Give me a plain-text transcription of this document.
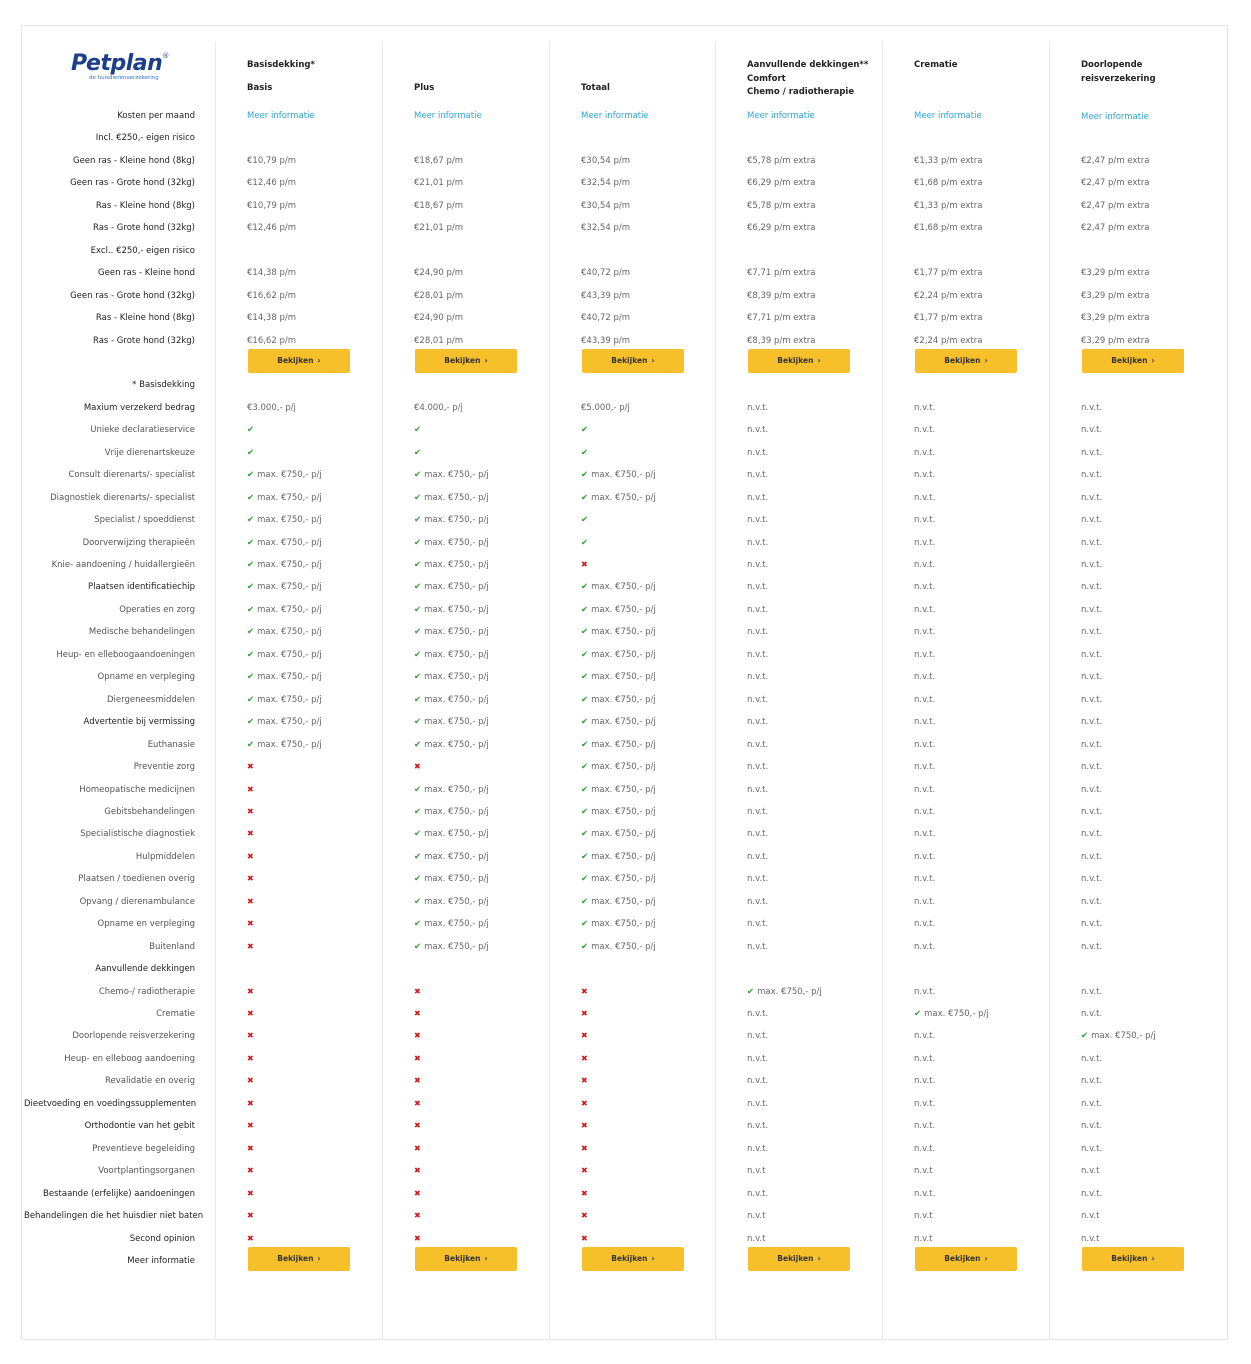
Petplan®
de huisdierenverzekering
Basisdekking*
Basis
Meer informatie
Plus
Meer informatie
Totaal
Meer informatie
Aanvullende dekkingen**
Comfort
Chemo / radiotherapie
Meer informatie
Crematie
Meer informatie
Doorlopende
reisverzekering
Meer informatie
Kosten per maand
Incl. €250,- eigen risico
Geen ras - Kleine hond (8kg)	€10,79 p/m	€18,67 p/m	€30,54 p/m	€5,78 p/m extra	€1,33 p/m extra	€2,47 p/m extra
Geen ras - Grote hond (32kg)	€12,46 p/m	€21,01 p/m	€32,54 p/m	€6,29 p/m extra	€1,68 p/m extra	€2,47 p/m extra
Ras - Kleine hond (8kg)	€10,79 p/m	€18,67 p/m	€30,54 p/m	€5,78 p/m extra	€1,33 p/m extra	€2,47 p/m extra
Ras - Grote hond (32kg)	€12,46 p/m	€21,01 p/m	€32,54 p/m	€6,29 p/m extra	€1,68 p/m extra	€2,47 p/m extra
Excl.. €250,- eigen risico
Geen ras - Kleine hond	€14,38 p/m	€24,90 p/m	€40,72 p/m	€7,71 p/m extra	€1,77 p/m extra	€3,29 p/m extra
Geen ras - Grote hond (32kg)	€16,62 p/m	€28,01 p/m	€43,39 p/m	€8,39 p/m extra	€2,24 p/m extra	€3,29 p/m extra
Ras - Kleine hond (8kg)	€14,38 p/m	€24,90 p/m	€40,72 p/m	€7,71 p/m extra	€1,77 p/m extra	€3,29 p/m extra
Ras - Grote hond (32kg)	€16,62 p/m	€28,01 p/m	€43,39 p/m	€8,39 p/m extra	€2,24 p/m extra	€3,29 p/m extra
Bekijken ›	Bekijken ›	Bekijken ›	Bekijken ›	Bekijken ›	Bekijken ›
* Basisdekking
Maxium verzekerd bedrag	€3.000,- p/j	€4.000,- p/j	€5.000,- p/j	n.v.t.	n.v.t.	n.v.t.
Unieke declaratieservice	✔	✔	✔	n.v.t.	n.v.t.	n.v.t.
Vrije dierenartskeuze	✔	✔	✔	n.v.t.	n.v.t.	n.v.t.
Consult dierenarts/- specialist	✔ max. €750,- p/j	✔ max. €750,- p/j	✔ max. €750,- p/j	n.v.t.	n.v.t.	n.v.t.
Diagnostiek dierenarts/- specialist	✔ max. €750,- p/j	✔ max. €750,- p/j	✔ max. €750,- p/j	n.v.t.	n.v.t.	n.v.t.
Specialist / spoeddienst	✔ max. €750,- p/j	✔ max. €750,- p/j	✔	n.v.t.	n.v.t.	n.v.t.
Doorverwijzing therapieën	✔ max. €750,- p/j	✔ max. €750,- p/j	✔	n.v.t.	n.v.t.	n.v.t.
Knie- aandoening / huidallergieën	✔ max. €750,- p/j	✔ max. €750,- p/j	✖	n.v.t.	n.v.t.	n.v.t.
Plaatsen identificatiechip	✔ max. €750,- p/j	✔ max. €750,- p/j	✔ max. €750,- p/j	n.v.t.	n.v.t.	n.v.t.
Operaties en zorg	✔ max. €750,- p/j	✔ max. €750,- p/j	✔ max. €750,- p/j	n.v.t.	n.v.t.	n.v.t.
Medische behandelingen	✔ max. €750,- p/j	✔ max. €750,- p/j	✔ max. €750,- p/j	n.v.t.	n.v.t.	n.v.t.
Heup- en elleboogaandoeningen	✔ max. €750,- p/j	✔ max. €750,- p/j	✔ max. €750,- p/j	n.v.t.	n.v.t.	n.v.t.
Opname en verpleging	✔ max. €750,- p/j	✔ max. €750,- p/j	✔ max. €750,- p/j	n.v.t.	n.v.t.	n.v.t.
Diergeneesmiddelen	✔ max. €750,- p/j	✔ max. €750,- p/j	✔ max. €750,- p/j	n.v.t.	n.v.t.	n.v.t.
Advertentie bij vermissing	✔ max. €750,- p/j	✔ max. €750,- p/j	✔ max. €750,- p/j	n.v.t.	n.v.t.	n.v.t.
Euthanasie	✔ max. €750,- p/j	✔ max. €750,- p/j	✔ max. €750,- p/j	n.v.t.	n.v.t.	n.v.t.
Preventie zorg	✖	✖	✔ max. €750,- p/j	n.v.t.	n.v.t.	n.v.t.
Homeopatische medicijnen	✖	✔ max. €750,- p/j	✔ max. €750,- p/j	n.v.t.	n.v.t.	n.v.t.
Gebitsbehandelingen	✖	✔ max. €750,- p/j	✔ max. €750,- p/j	n.v.t.	n.v.t.	n.v.t.
Specialistische diagnostiek	✖	✔ max. €750,- p/j	✔ max. €750,- p/j	n.v.t.	n.v.t.	n.v.t.
Hulpmiddelen	✖	✔ max. €750,- p/j	✔ max. €750,- p/j	n.v.t.	n.v.t.	n.v.t.
Plaatsen / toedienen overig	✖	✔ max. €750,- p/j	✔ max. €750,- p/j	n.v.t.	n.v.t.	n.v.t.
Opvang / dierenambulance	✖	✔ max. €750,- p/j	✔ max. €750,- p/j	n.v.t.	n.v.t.	n.v.t.
Opname en verpleging	✖	✔ max. €750,- p/j	✔ max. €750,- p/j	n.v.t.	n.v.t.	n.v.t.
Buitenland	✖	✔ max. €750,- p/j	✔ max. €750,- p/j	n.v.t.	n.v.t.	n.v.t.
Aanvullende dekkingen
Chemo-/ radiotherapie	✖	✖	✖	✔ max. €750,- p/j	n.v.t.	n.v.t.
Crematie	✖	✖	✖	n.v.t.	✔ max. €750,- p/j	n.v.t.
Doorlopende reisverzekering	✖	✖	✖	n.v.t.	n.v.t.	✔ max. €750,- p/j
Heup- en elleboog aandoening	✖	✖	✖	n.v.t.	n.v.t.	n.v.t.
Revalidatie en overig	✖	✖	✖	n.v.t.	n.v.t.	n.v.t.
Dieetvoeding en voedingssupplementen	✖	✖	✖	n.v.t.	n.v.t.	n.v.t.
Orthodontie van het gebit	✖	✖	✖	n.v.t.	n.v.t.	n.v.t.
Preventieve begeleiding	✖	✖	✖	n.v.t.	n.v.t.	n.v.t.
Voortplantingsorganen	✖	✖	✖	n.v.t	n.v.t	n.v.t
Bestaande (erfelijke) aandoeningen	✖	✖	✖	n.v.t.	n.v.t.	n.v.t.
Behandelingen die het huisdier niet baten	✖	✖	✖	n.v.t	n.v.t	n.v.t
Second opinion	✖	✖	✖	n.v.t	n.v.t	n.v.t
Meer informatie	Bekijken ›	Bekijken ›	Bekijken ›	Bekijken ›	Bekijken ›	Bekijken ›
